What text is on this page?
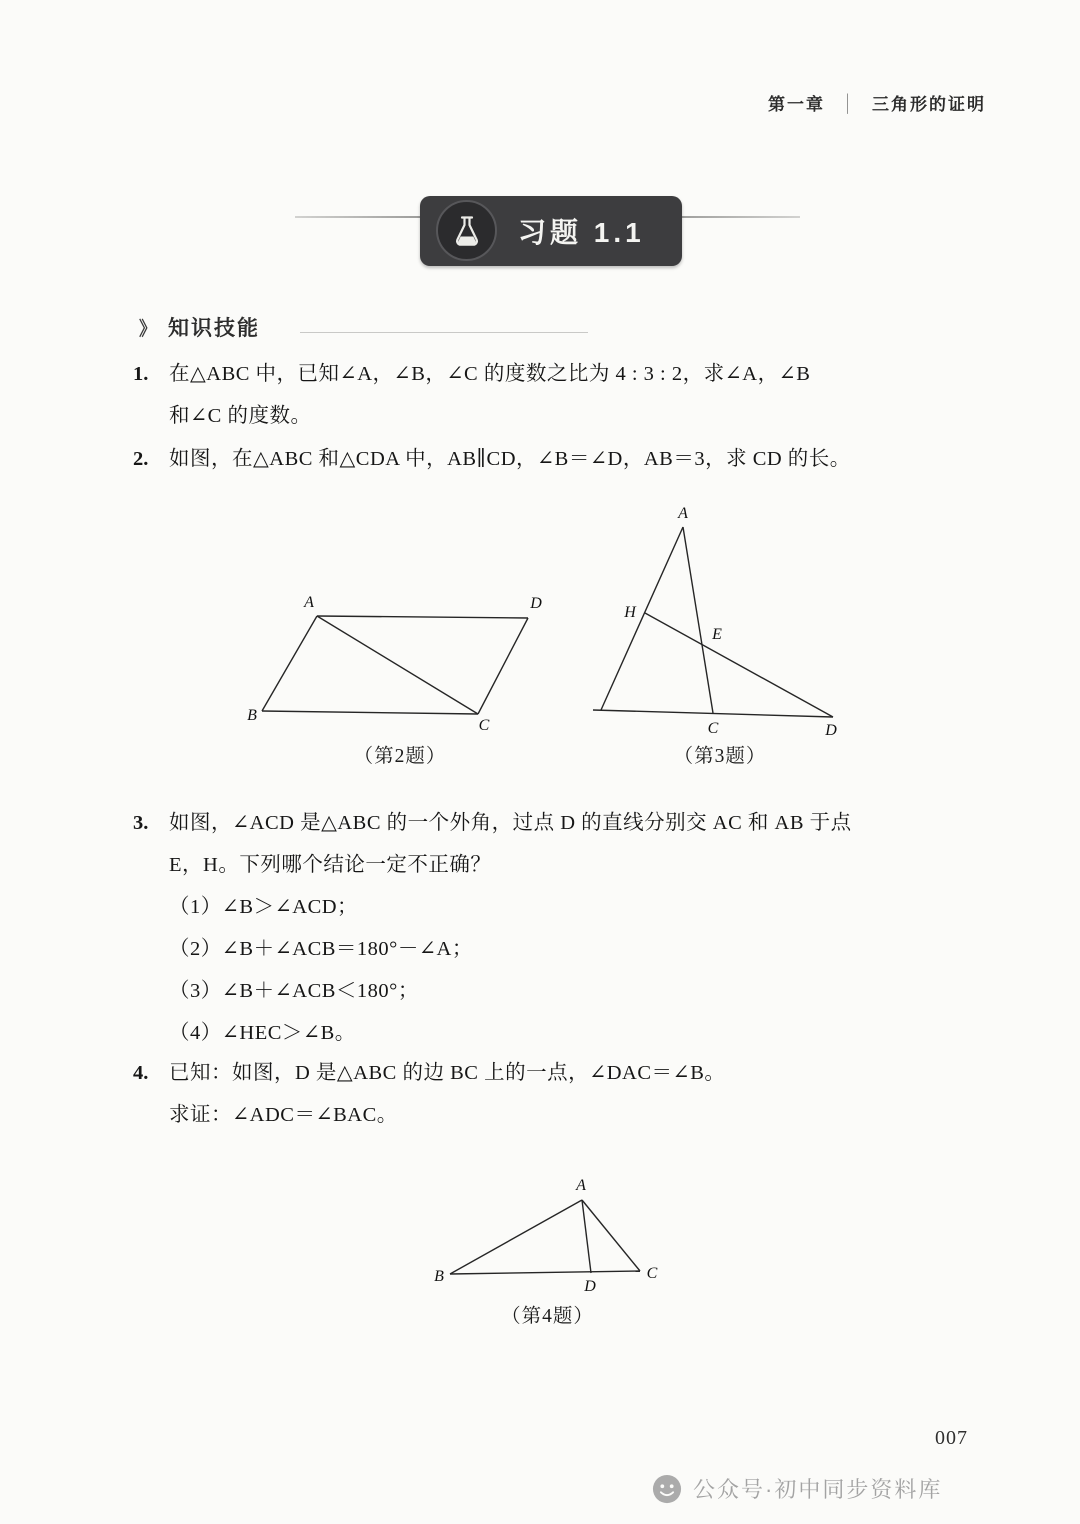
第一章 ｜ 三角形的证明
习题 1.1
》 知识技能
1. 在△ABC 中，已知∠A，∠B，∠C 的度数之比为 4 : 3 : 2，求∠A，∠B
和∠C 的度数。
2. 如图，在△ABC 和△CDA 中，AB∥CD，∠B＝∠D，AB＝3，求 CD 的长。
A	D
B
C
（第2题）
A
H
E
C	D
（第3题）
3. 如图，∠ACD 是△ABC 的一个外角，过点 D 的直线分别交 AC 和 AB 于点
E，H。下列哪个结论一定不正确？
（1）∠B＞∠ACD；
（2）∠B＋∠ACB＝180°－∠A；
（3）∠B＋∠ACB＜180°；
（4）∠HEC＞∠B。
4. 已知：如图，D 是△ABC 的边 BC 上的一点，∠DAC＝∠B。
求证：∠ADC＝∠BAC。
A
B	C
D
（第4题）
007
公众号·初中同步资料库
